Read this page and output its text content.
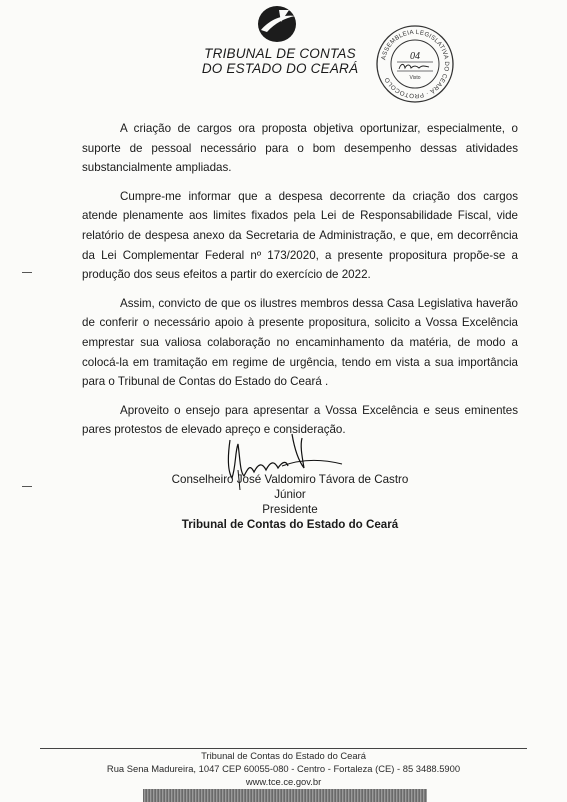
TRIBUNAL DE CONTAS
DO ESTADO DO CEARÁ
ASSEMBLEIA LEGISLATIVA DO CEARÁ · PROTOCOLO
04
Visto

A criação de cargos ora proposta objetiva oportunizar, especialmente, o suporte de pessoal necessário para o bom desempenho dessas atividades substancialmente ampliadas.

Cumpre-me informar que a despesa decorrente da criação dos cargos atende plenamente aos limites fixados pela Lei de Responsabilidade Fiscal, vide relatório de despesa anexo da Secretaria de Administração, e que, em decorrência da Lei Complementar Federal nº 173/2020, a presente propositura propõe-se a produção dos seus efeitos a partir do exercício de 2022.

Assim, convicto de que os ilustres membros dessa Casa Legislativa haverão de conferir o necessário apoio à presente propositura, solicito a Vossa Excelência emprestar sua valiosa colaboração no encaminhamento da matéria, de modo a colocá-la em tramitação em regime de urgência, tendo em vista a sua importância para o Tribunal de Contas do Estado do Ceará .

Aproveito o ensejo para apresentar a Vossa Excelência e seus eminentes pares protestos de elevado apreço e consideração.

Conselheiro José Valdomiro Távora de Castro Júnior
Presidente
Tribunal de Contas do Estado do Ceará
Tribunal de Contas do Estado do Ceará
Rua Sena Madureira, 1047 CEP 60055-080 - Centro - Fortaleza (CE) - 85 3488.5900
www.tce.ce.gov.br
